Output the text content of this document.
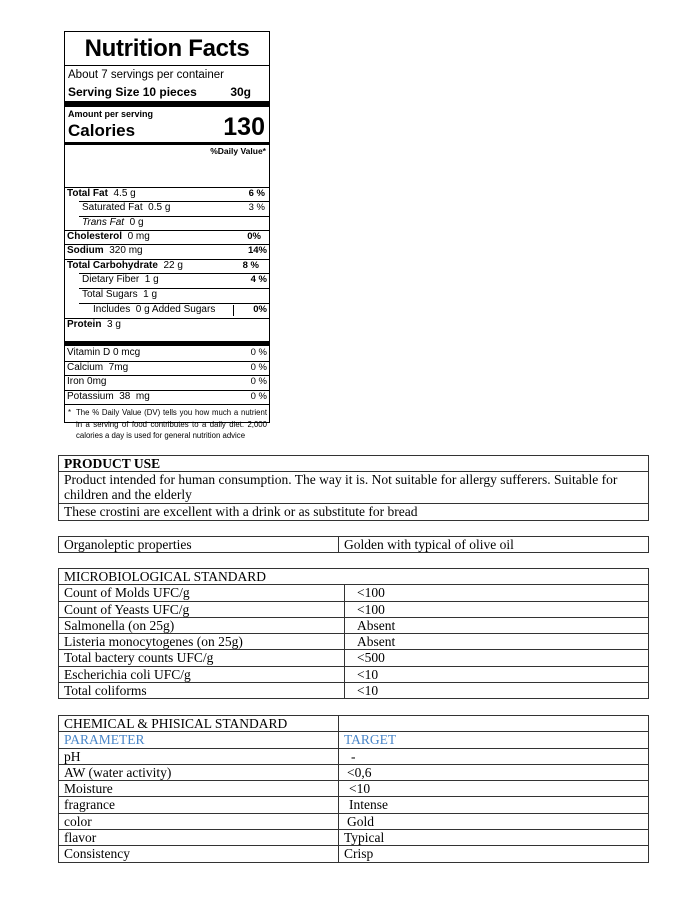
Nutrition Facts
About 7 servings per container
Serving Size 10 pieces	30g
Amount per serving
Calories	130
%Daily Value*
Total Fat  4.5 g	6 %
Saturated Fat  0.5 g	3 %
Trans Fat  0 g
Cholesterol  0 mg	0%
Sodium  320 mg	14%
Total Carbohydrate  22 g	8 %
Dietary Fiber  1 g	4 %
Total Sugars  1 g
Includes  0 g Added Sugars	0%
Protein  3 g
Vitamin D 0 mcg	0 %
Calcium  7mg	0 %
Iron 0mg	0 %
Potassium  38  mg	0 %
* The % Daily Value (DV) tells you how much a nutrient in a serving of food contributes to a daily diet. 2,000 calories a day is used for general nutrition advice
PRODUCT USE
Product intended for human consumption. The way it is. Not suitable for allergy sufferers. Suitable for children and the elderly
These crostini are excellent with a drink or as substitute for bread
Organoleptic properties	Golden with typical of olive oil
MICROBIOLOGICAL STANDARD	
Count of Molds UFC/g	<100
Count of Yeasts UFC/g	<100
Salmonella (on 25g)	Absent
Listeria monocytogenes (on 25g)	Absent
Total bactery counts UFC/g	<500
Escherichia coli UFC/g	<10
Total coliforms	<10
CHEMICAL & PHISICAL STANDARD	
PARAMETER	TARGET
pH	-
AW (water activity)	<0,6
Moisture	<10
fragrance	Intense
color	Gold
flavor	Typical
Consistency	Crisp
